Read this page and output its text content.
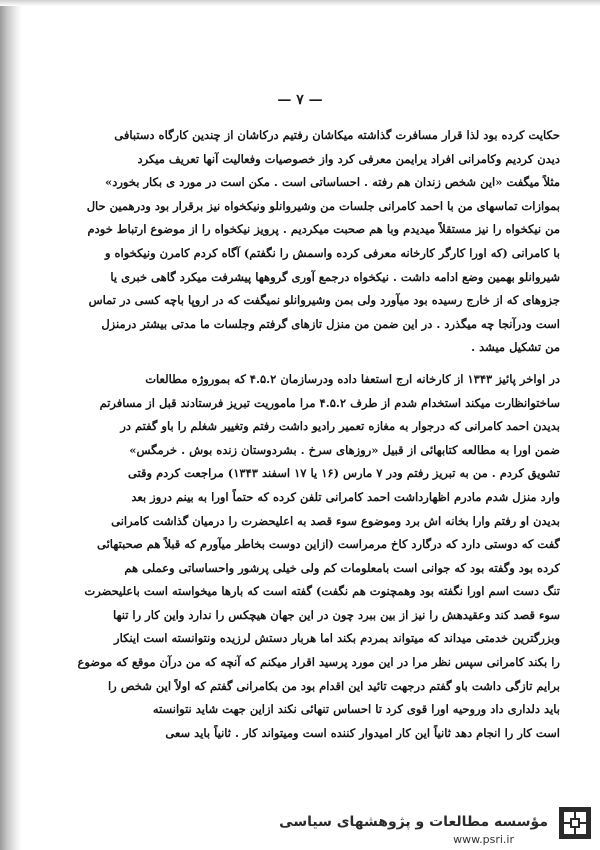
— ۷ —
حکایت کرده بود لذا قرار مسافرت گذاشته میکاشان رفتیم درکاشان از چندین کارگاه دستبافی
دیدن کردیم وکامرانی افراد یرایمن معرفی کرد واز خصوصیات وفعالیت آنها تعریف میکرد
مثلاً میگفت «این شخص زندان هم رفته . احساساتی است . مکن است در مورد ی بکار بخورد»
بموازات تماسهای من با احمد کامرانی جلسات من وشیروانلو ونیکخواه نیز برقرار بود ودرهمین حال
من نیکخواه را نیز مستقلاً میدیدم وبا هم صحبت میکردیم . پرویز نیکخواه را از موضوع ارتباط خودم
با کامرانی (که اورا کارگر کارخانه معرفی کرده واسمش را نگفتم) آگاه کردم کامرن ونیکخواه و
شیروانلو بهمین وضع ادامه داشت . نیکخواه درجمع آوری گروهها پیشرفت میکرد گاهی خبری یا
جزوهای که از خارج رسیده بود میآورد ولی بمن وشیروانلو نمیگفت که در اروپا باچه کسی در تماس
است ودرآنجا چه میگذرد . در این ضمن من منزل تازهای گرفتم وجلسات ما مدتی بیشتر درمنزل
من تشکیل میشد .
در اواخر پائیز ۱۳۴۳ از کارخانه ارج استعفا داده ودرسازمان ۴.۵.۲ که بموروژه مطالعات
ساختوانظارت میکند استخدام شدم از طرف ۴.۵.۲ مرا ماموریت تبریز فرستادند قبل از مسافرتم
بدیدن احمد کامرانی که درجوار به مغازه تعمیر رادیو داشت رفتم وتغییر شغلم را باو گفتم در
ضمن اورا به مطالعه کتابهائی از قبیل «روزهای سرخ . بشردوستان زنده بوش . خرمگس»
تشویق کردم . من به تبریز رفتم ودر ۷ مارس (۱۶ یا ۱۷ اسفند ۱۳۴۳) مراجعت کردم وقتی
وارد منزل شدم مادرم اظهارداشت احمد کامرانی تلفن کرده که حتماً اورا به بینم دروز بعد
بدیدن او رفتم وارا بخانه اش برد وموضوع سوء قصد به اعلیحضرت را درمیان گذاشت کامرانی
گفت که دوستی دارد که درگارد کاخ مرمراست (ازاین دوست بخاطر میآورم که قبلاً هم صحبتهائی
کرده بود وگفته بود که جوانی است بامعلومات کم ولی خیلی پرشور واحساساتی وعملی هم
تنگ دست اسم اورا نگفته بود وهمچنوت هم نگفت) گفته است که بارها میخواسته است باعلیحضرت
سوء قصد کند وعقیدهش را نیز از بین ببرد چون در این جهان هیچکس را ندارد واین کار را تنها
وبزرگترین خدمتی میداند که میتواند بمردم بکند اما هربار دستش لرزیده ونتوانسته است اینکار
را بکند کامرانی سپس نظر مرا در این مورد پرسید اقرار میکنم که آنچه که من درآن موقع که موضوع
برایم تازگی داشت باو گفتم درجهت تائید این اقدام بود من بکامرانی گفتم که اولاً این شخص را
باید دلداری داد وروحیه اورا قوی کرد تا احساس تنهائی نکند ازاین جهت شاید نتوانسته
است کار را انجام دهد ثانیاً این کار امیدوار کننده است ومیتواند کار . ثانیاً باید سعی
مؤسسه مطالعات و پژوهشهای سیاسی
www.psri.ir
